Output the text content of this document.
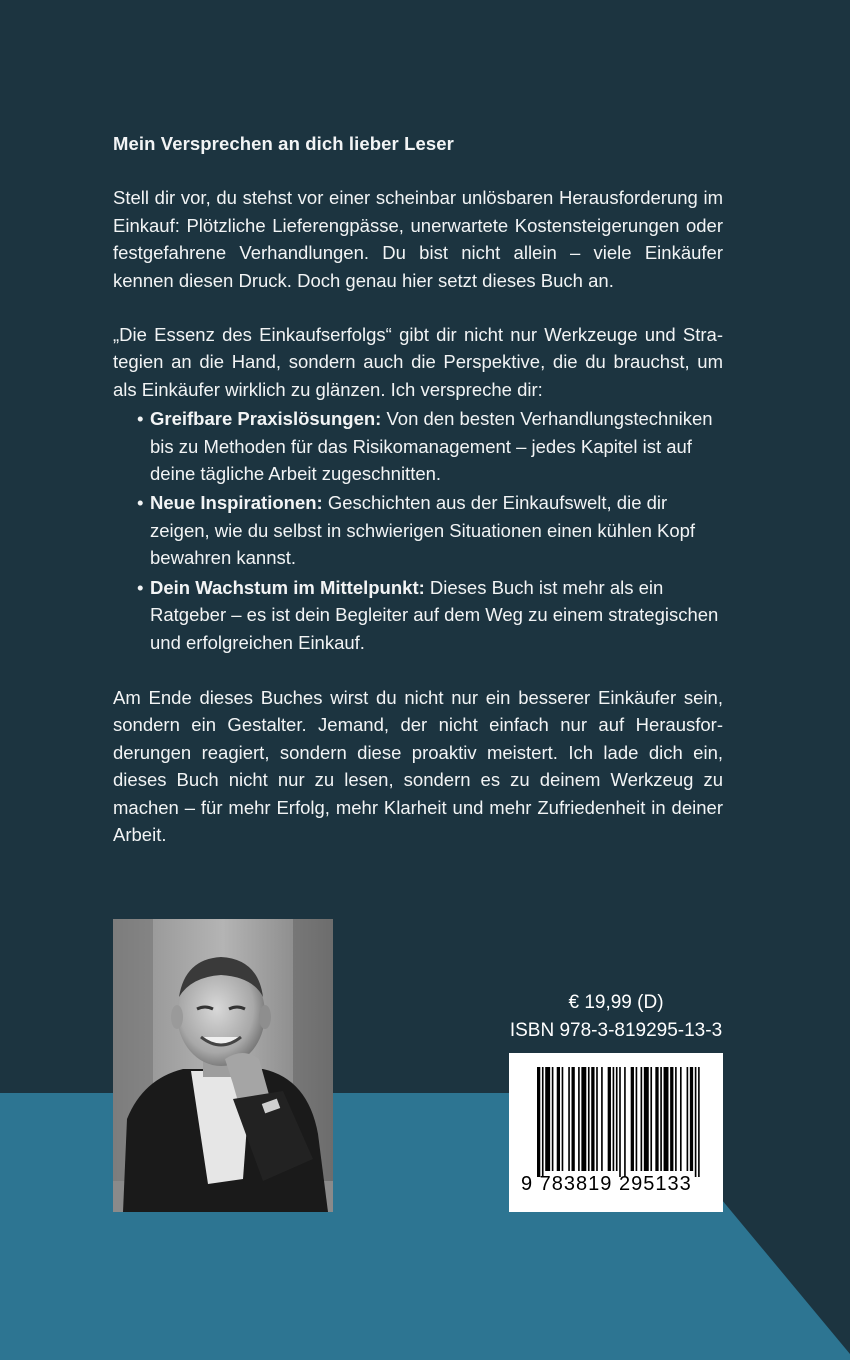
Mein Versprechen an dich lieber Leser

Stell dir vor, du stehst vor einer scheinbar unlösbaren Herausforderung im Einkauf: Plötzliche Lieferengpässe, unerwartete Kostensteigerungen oder festgefahrene Verhandlungen. Du bist nicht allein – viele Einkäufer kennen diesen Druck. Doch genau hier setzt dieses Buch an.

„Die Essenz des Einkaufserfolgs“ gibt dir nicht nur Werkzeuge und Strategien an die Hand, sondern auch die Perspektive, die du brauchst, um als Einkäufer wirklich zu glänzen. Ich verspreche dir:

• Greifbare Praxislösungen: Von den besten Verhandlungstechniken bis zu Methoden für das Risikomanagement – jedes Kapitel ist auf deine tägliche Arbeit zugeschnitten.
• Neue Inspirationen: Geschichten aus der Einkaufswelt, die dir zeigen, wie du selbst in schwierigen Situationen einen kühlen Kopf bewahren kannst.
• Dein Wachstum im Mittelpunkt: Dieses Buch ist mehr als ein Ratgeber – es ist dein Begleiter auf dem Weg zu einem strategischen und erfolgreichen Einkauf.

Am Ende dieses Buches wirst du nicht nur ein besserer Einkäufer sein, sondern ein Gestalter. Jemand, der nicht einfach nur auf Herausforderungen reagiert, sondern diese proaktiv meistert. Ich lade dich ein, dieses Buch nicht nur zu lesen, sondern es zu deinem Werkzeug zu machen – für mehr Erfolg, mehr Klarheit und mehr Zufriedenheit in deiner Arbeit.

€ 19,99 (D)
ISBN 978-3-819295-13-3
9 783819 295133
